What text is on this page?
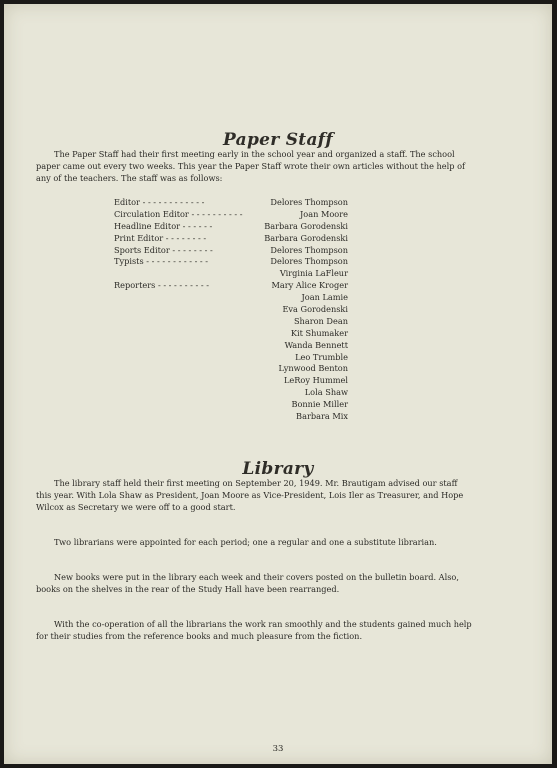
Paper Staff

The Paper Staff had their first meeting early in the school year and organized a staff. The school paper came out every two weeks. This year the Paper Staff wrote their own articles without the help of any of the teachers. The staff was as follows:

Editor - - - - - - - - - - - -	Delores Thompson
Circulation Editor - - - - - - - - - -	Joan Moore
Headline Editor - - - - - -	Barbara Gorodenski
Print Editor - - - - - - - -	Barbara Gorodenski
Sports Editor - - - - - - - -	Delores Thompson
Typists - - - - - - - - - - - -	Delores Thompson
Virginia LaFleur
Reporters - - - - - - - - - -	Mary Alice Kroger
Joan Lamie
Eva Gorodenski
Sharon Dean
Kit Shumaker
Wanda Bennett
Leo Trumble
Lynwood Benton
LeRoy Hummel
Lola Shaw
Bonnie Miller
Barbara Mix
Library

The library staff held their first meeting on September 20, 1949. Mr. Brautigam advised our staff this year. With Lola Shaw as President, Joan Moore as Vice-President, Lois Iler as Treasurer, and Hope Wilcox as Secretary we were off to a good start.

Two librarians were appointed for each period; one a regular and one a substitute librarian.

New books were put in the library each week and their covers posted on the bulletin board. Also, books on the shelves in the rear of the Study Hall have been rearranged.

With the co-operation of all the librarians the work ran smoothly and the students gained much help for their studies from the reference books and much pleasure from the fiction.

33
